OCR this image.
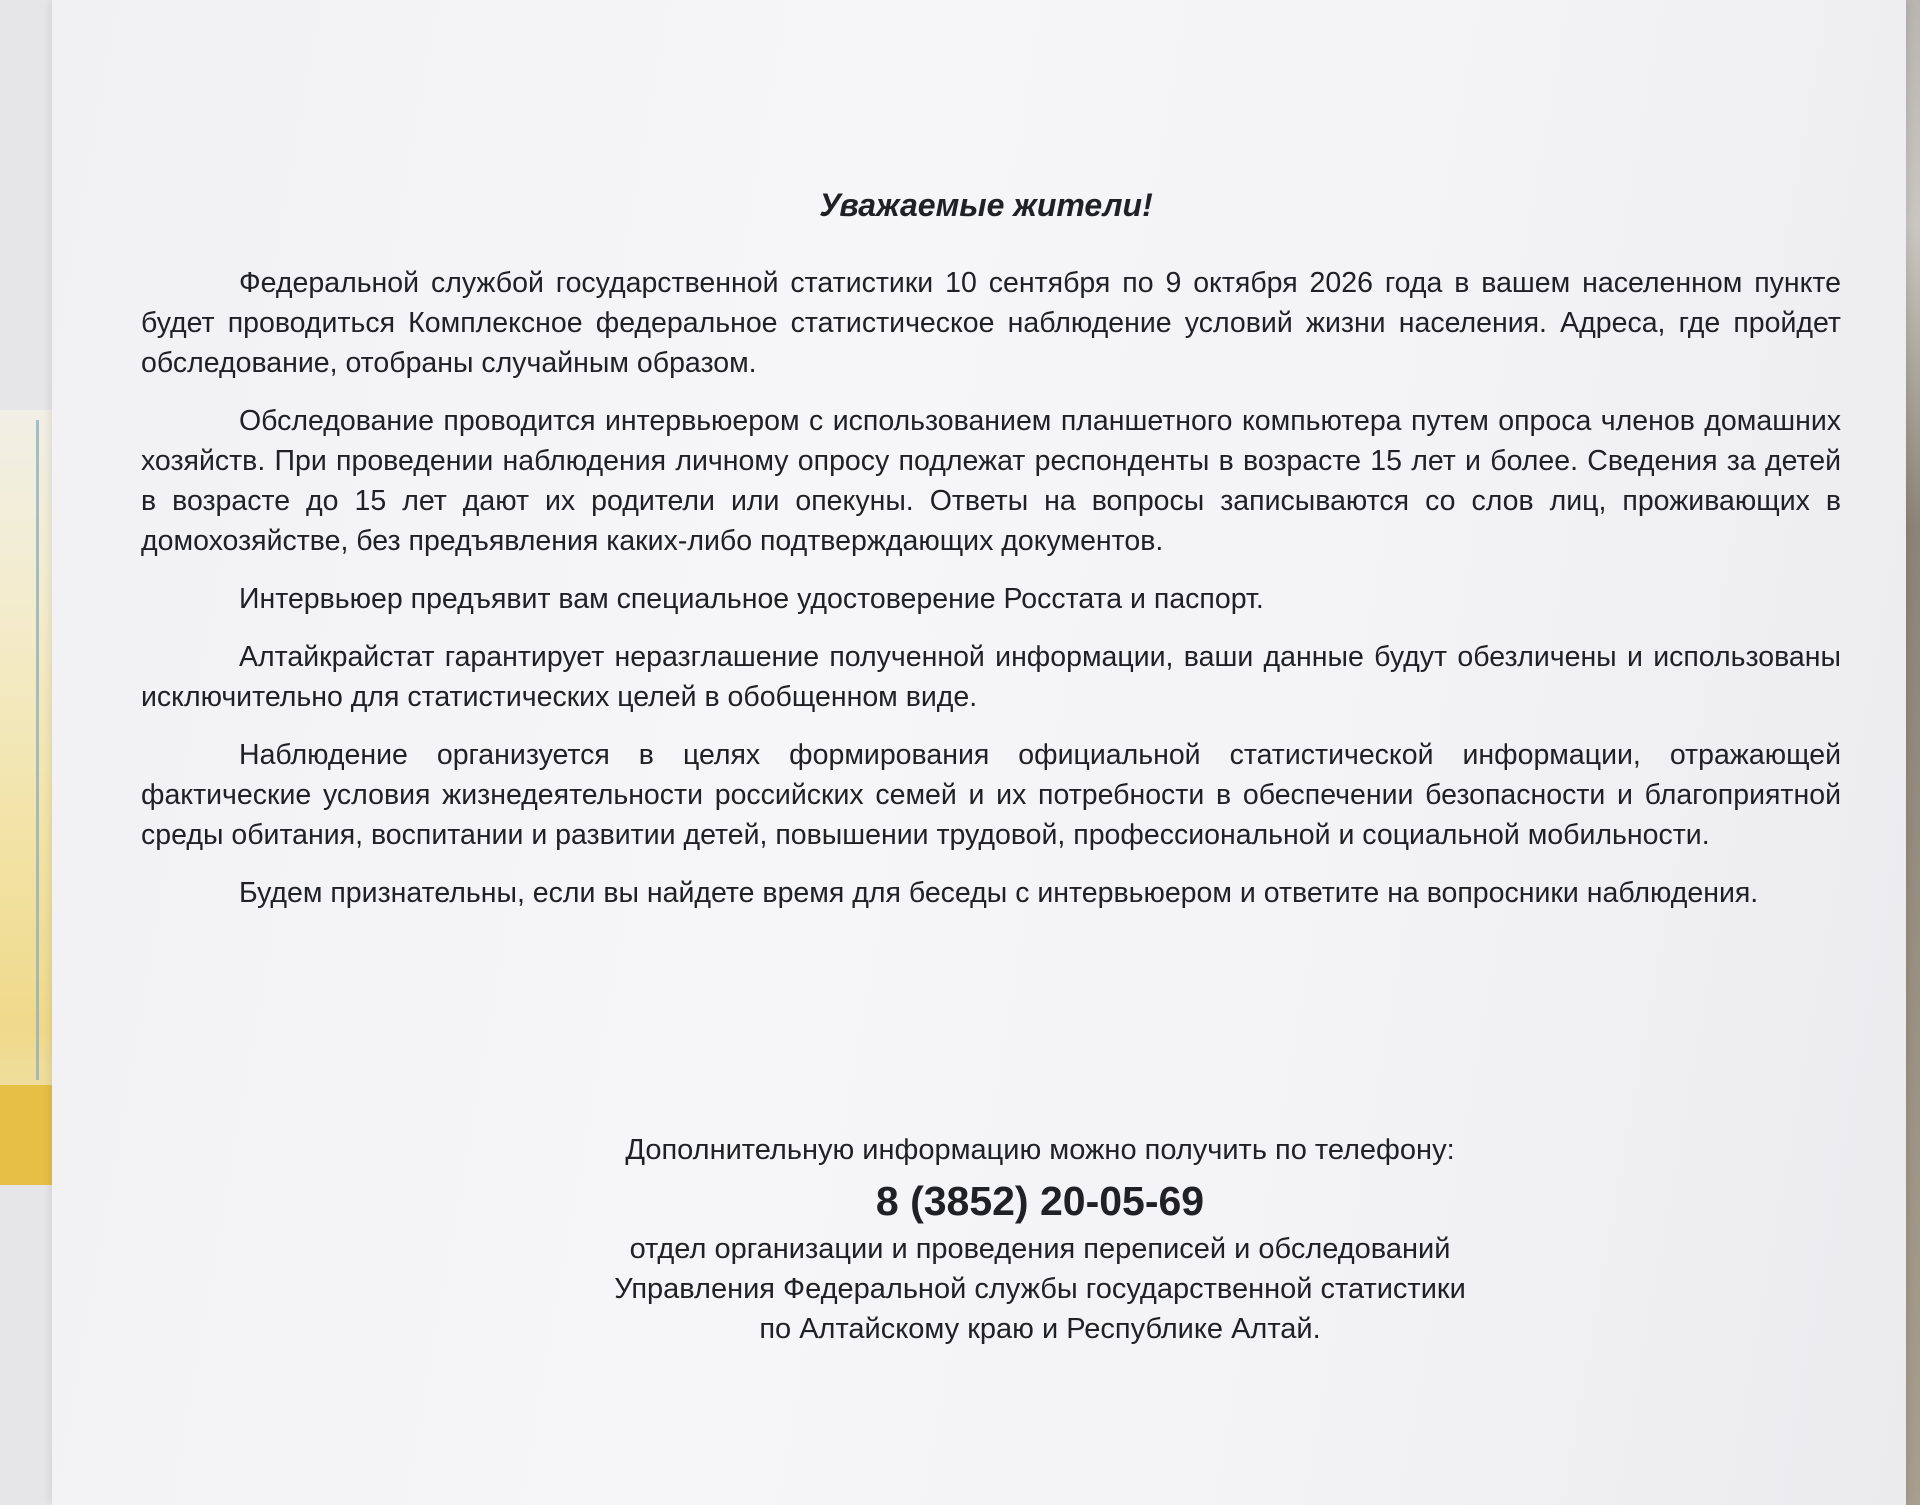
Уважаемые жители!

Федеральной службой государственной статистики 10 сентября по 9 октября 2026 года в вашем населенном пункте будет проводиться Комплексное федеральное статистическое наблюдение условий жизни населения. Адреса, где пройдет обследование, отобраны случайным образом.

Обследование проводится интервьюером с использованием планшетного компьютера путем опроса членов домашних хозяйств. При проведении наблюдения личному опросу подлежат респонденты в возрасте 15 лет и более. Сведения за детей в возрасте до 15 лет дают их родители или опекуны. Ответы на вопросы записываются со слов лиц, проживающих в домохозяйстве, без предъявления каких-либо подтверждающих документов.

Интервьюер предъявит вам специальное удостоверение Росстата и паспорт.

Алтайкрайстат гарантирует неразглашение полученной информации, ваши данные будут обезличены и использованы исключительно для статистических целей в обобщенном виде.

Наблюдение организуется в целях формирования официальной статистической информации, отражающей фактические условия жизнедеятельности российских семей и их потребности в обеспечении безопасности и благоприятной среды обитания, воспитании и развитии детей, повышении трудовой, профессиональной и социальной мобильности.

Будем признательны, если вы найдете время для беседы с интервьюером и ответите на вопросники наблюдения.

Дополнительную информацию можно получить по телефону:
8 (3852) 20-05-69
отдел организации и проведения переписей и обследований
Управления Федеральной службы государственной статистики
по Алтайскому краю и Республике Алтай.
